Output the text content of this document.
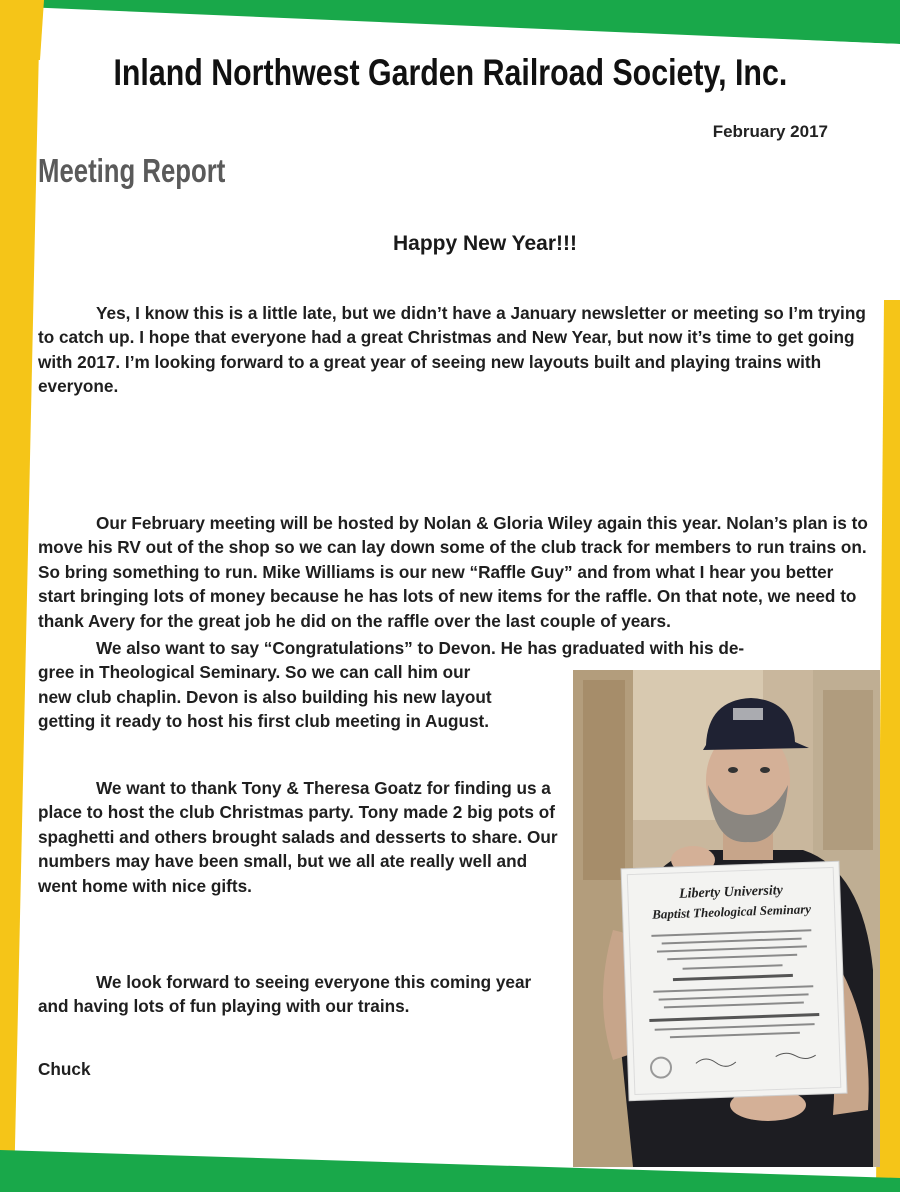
Inland Northwest Garden Railroad Society, Inc.
February 2017
Meeting Report
Happy New Year!!!

Yes, I know this is a little late, but we didn’t have a January newsletter or meeting so I’m trying to catch up. I hope that everyone had a great Christmas and New Year, but now it’s time to get going with 2017. I’m looking forward to a great year of seeing new layouts built and playing trains with everyone.

Our February meeting will be hosted by Nolan & Gloria Wiley again this year. Nolan’s plan is to move his RV out of the shop so we can lay down some of the club track for members to run trains on. So bring something to run. Mike Williams is our new “Raffle Guy” and from what I hear you better start bringing lots of money because he has lots of new items for the raffle. On that note, we need to thank Avery for the great job he did on the raffle over the last couple of years.

We also want to say “Congratulations” to Devon. He has graduated with his de-
gree in Theological Seminary. So we can call him our
new club chaplin. Devon is also building his new layout
getting it ready to host his first club meeting in August.

We want to thank Tony & Theresa Goatz for finding us a place to host the club Christmas party. Tony made 2 big pots of spaghetti and others brought salads and desserts to share. Our numbers may have been small, but we all ate really well and went home with nice gifts.

We look forward to seeing everyone this coming year and having lots of fun playing with our trains.

Chuck
Liberty University
Baptist Theological Seminary
